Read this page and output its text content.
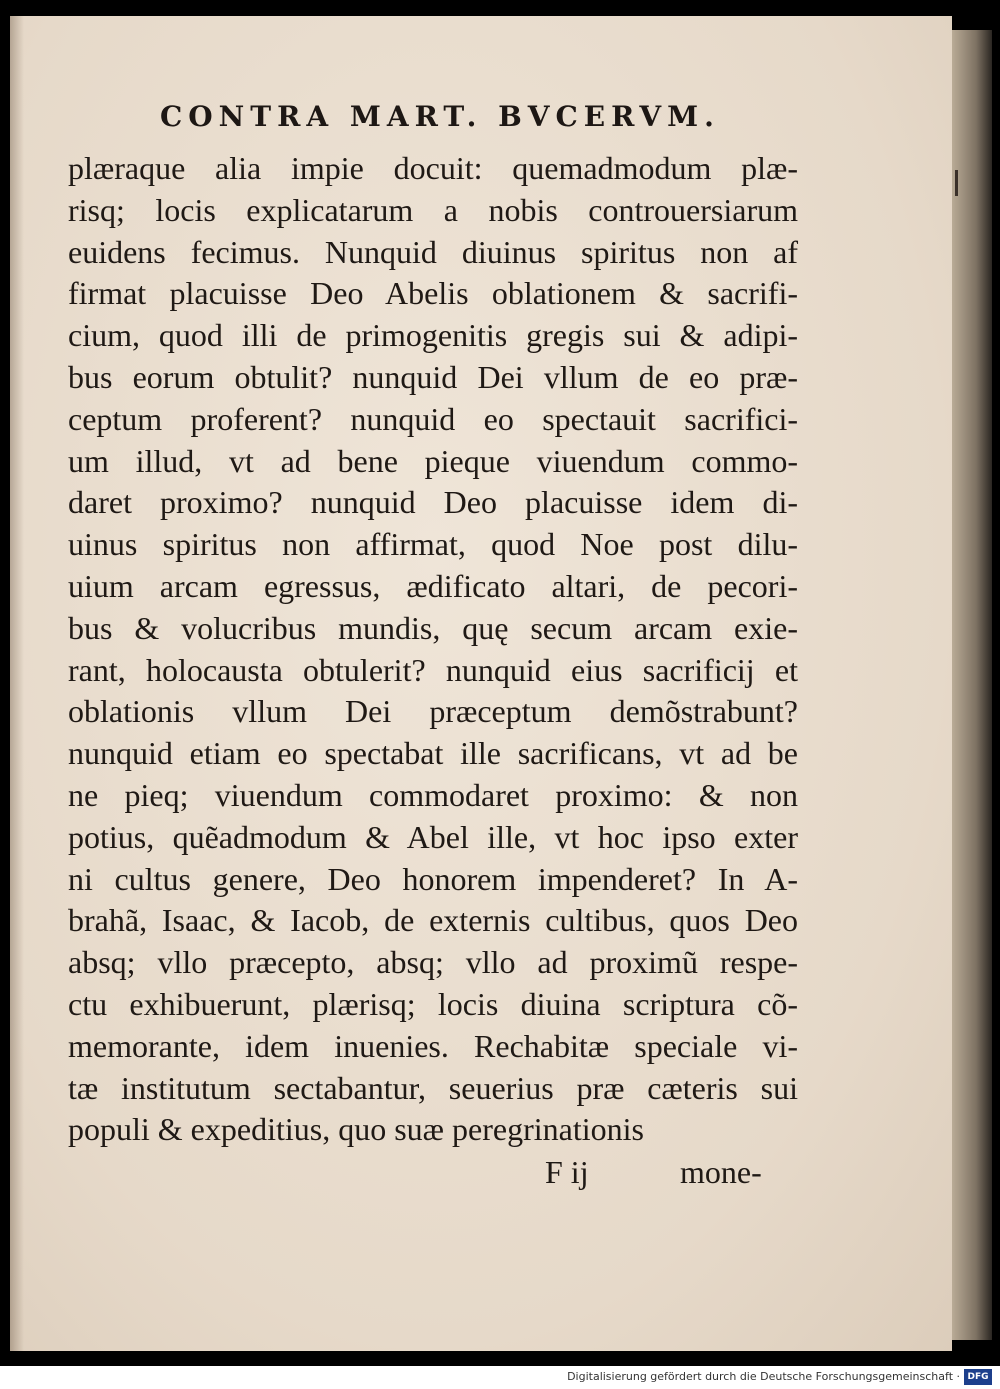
CONTRA MART. BVCERVM.
plæraque alia impie docuit: quemadmodum plæ-
risq; locis explicatarum a nobis controuersiarum
euidens fecimus. Nunquid diuinus spiritus non af
firmat placuisse Deo Abelis oblationem & sacrifi-
cium, quod illi de primogenitis gregis sui & adipi-
bus eorum obtulit? nunquid Dei vllum de eo præ-
ceptum proferent? nunquid eo spectauit sacrifici-
um illud, vt ad bene pieque viuendum commo-
daret proximo? nunquid Deo placuisse idem di-
uinus spiritus non affirmat, quod Noe post dilu-
uium arcam egressus, ædificato altari, de pecori-
bus & volucribus mundis, quę secum arcam exie-
rant, holocausta obtulerit? nunquid eius sacrificij et
oblationis vllum Dei præceptum demõstrabunt?
nunquid etiam eo spectabat ille sacrificans, vt ad be
ne pieq; viuendum commodaret proximo: & non
potius, quẽadmodum & Abel ille, vt hoc ipso exter
ni cultus genere, Deo honorem impenderet? In A-
brahã, Isaac, & Iacob, de externis cultibus, quos Deo
absq; vllo præcepto, absq; vllo ad proximũ respe-
ctu exhibuerunt, plærisq; locis diuina scriptura cõ-
memorante, idem inuenies. Rechabitæ speciale vi-
tæ institutum sectabantur, seuerius præ cæteris sui
populi & expeditius, quo suæ peregrinationis
F ij	mone-
Digitalisierung gefördert durch die Deutsche Forschungsgemeinschaft · DFG
